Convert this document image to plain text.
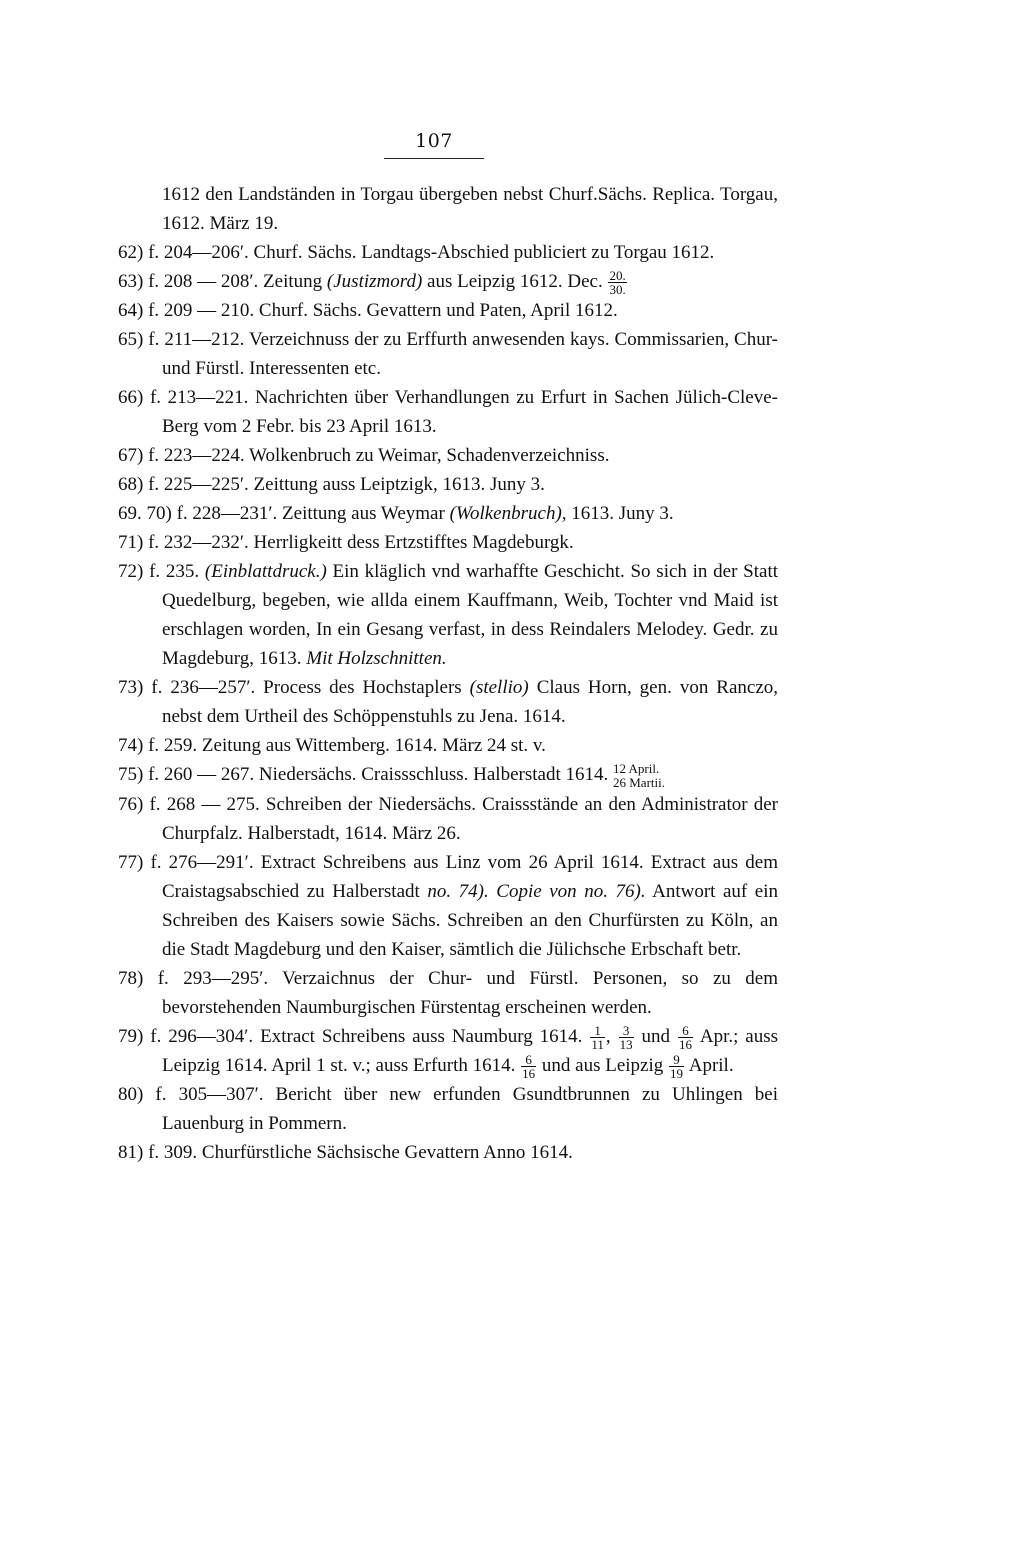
107
1612 den Landständen in Torgau übergeben nebst Churf.Sächs. Replica. Torgau, 1612. März 19.
62) f. 204—206′. Churf. Sächs. Landtags-Abschied publiciert zu Torgau 1612.
63) f. 208 — 208′. Zeitung (Justizmord) aus Leipzig 1612. Dec. $\frac{20.}{30.}$
64) f. 209 — 210. Churf. Sächs. Gevattern und Paten, April 1612.
65) f. 211—212. Verzeichnuss der zu Erffurth anwesenden kays. Commissarien, Chur- und Fürstl. Interessenten etc.
66) f. 213—221. Nachrichten über Verhandlungen zu Erfurt in Sachen Jülich-Cleve-Berg vom 2 Febr. bis 23 April 1613.
67) f. 223—224. Wolkenbruch zu Weimar, Schadenverzeichniss.
68) f. 225—225′. Zeittung auss Leiptzigk, 1613. Juny 3.
69. 70) f. 228—231′. Zeittung aus Weymar (Wolkenbruch), 1613. Juny 3.
71) f. 232—232′. Herrligkeitt dess Ertzstifftes Magdeburgk.
72) f. 235. (Einblattdruck.) Ein kläglich vnd warhaffte Geschicht. So sich in der Statt Quedelburg, begeben, wie allda einem Kauffmann, Weib, Tochter vnd Maid ist erschlagen worden, In ein Gesang verfast, in dess Reindalers Melodey. Gedr. zu Magdeburg, 1613. Mit Holzschnitten.
73) f. 236—257′. Process des Hochstaplers (stellio) Claus Horn, gen. von Ranczo, nebst dem Urtheil des Schöppenstuhls zu Jena. 1614.
74) f. 259. Zeitung aus Wittemberg. 1614. März 24 st. v.
75) f. 260 — 267. Niedersächs. Craissschluss. Halberstadt 1614. 12 April.
26 Martii.
76) f. 268 — 275. Schreiben der Niedersächs. Craissstände an den Administrator der Churpfalz. Halberstadt, 1614. März 26.
77) f. 276—291′. Extract Schreibens aus Linz vom 26 April 1614. Extract aus dem Craistagsabschied zu Halberstadt no. 74). Copie von no. 76). Antwort auf ein Schreiben des Kaisers sowie Sächs. Schreiben an den Churfürsten zu Köln, an die Stadt Magdeburg und den Kaiser, sämtlich die Jülichsche Erbschaft betr.
78) f. 293—295′. Verzaichnus der Chur- und Fürstl. Personen, so zu dem bevorstehenden Naumburgischen Fürstentag erscheinen werden.
79) f. 296—304′. Extract Schreibens auss Naumburg 1614. $\frac{1}{11}$ , $\frac{3}{13}$ und $\frac{6}{16}$ Apr.; auss Leipzig 1614. April 1 st. v.; auss Erfurth 1614. $\frac{6}{16}$ und aus Leipzig $\frac{9}{19}$ April.
80) f. 305—307′. Bericht über new erfunden Gsundtbrunnen zu Uhlingen bei Lauenburg in Pommern.
81) f. 309. Churfürstliche Sächsische Gevattern Anno 1614.
